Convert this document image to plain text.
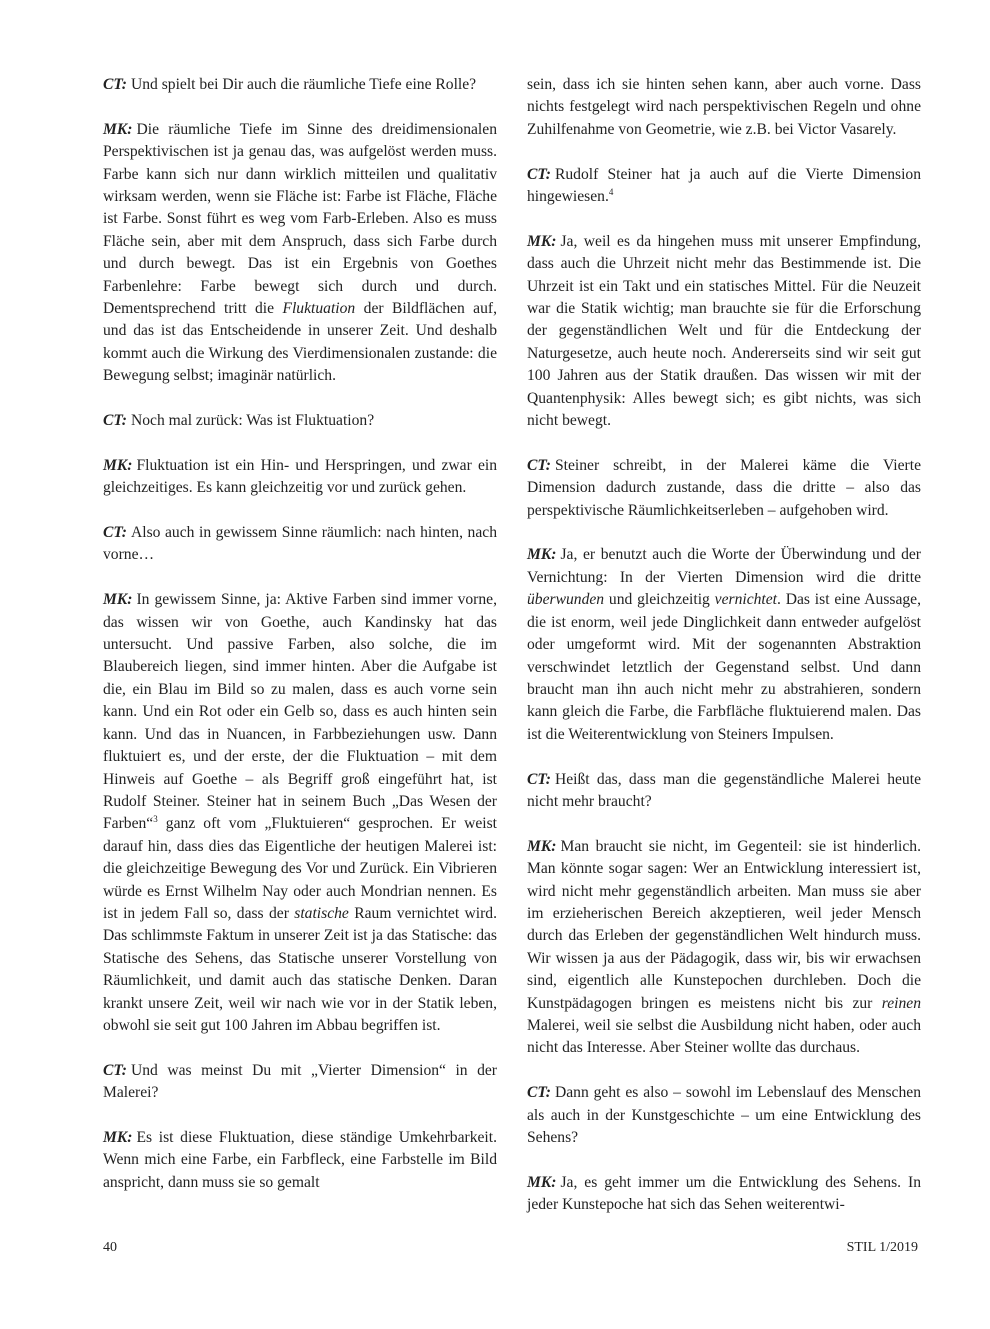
CT: Und spielt bei Dir auch die räumliche Tiefe eine Rolle?

MK: Die räumliche Tiefe im Sinne des dreidimensionalen Perspektivischen ist ja genau das, was aufgelöst werden muss. Farbe kann sich nur dann wirklich mitteilen und qualitativ wirksam werden, wenn sie Fläche ist: Farbe ist Fläche, Fläche ist Farbe. Sonst führt es weg vom Farb-Erleben. Also es muss Fläche sein, aber mit dem Anspruch, dass sich Farbe durch und durch bewegt. Das ist ein Ergebnis von Goethes Farbenlehre: Farbe bewegt sich durch und durch. Dementsprechend tritt die Fluktuation der Bildflächen auf, und das ist das Entscheidende in unserer Zeit. Und deshalb kommt auch die Wirkung des Vierdimensionalen zustande: die Bewegung selbst; imaginär natürlich.

CT: Noch mal zurück: Was ist Fluktuation?

MK: Fluktuation ist ein Hin- und Herspringen, und zwar ein gleichzeitiges. Es kann gleichzeitig vor und zurück gehen.

CT: Also auch in gewissem Sinne räumlich: nach hinten, nach vorne…

MK: In gewissem Sinne, ja: Aktive Farben sind immer vorne, das wissen wir von Goethe, auch Kandinsky hat das untersucht. Und passive Farben, also solche, die im Blaubereich liegen, sind immer hinten. Aber die Aufgabe ist die, ein Blau im Bild so zu malen, dass es auch vorne sein kann. Und ein Rot oder ein Gelb so, dass es auch hinten sein kann. Und das in Nuancen, in Farbbeziehungen usw. Dann fluktuiert es, und der erste, der die Fluktuation – mit dem Hinweis auf Goethe – als Begriff groß eingeführt hat, ist Rudolf Steiner. Steiner hat in seinem Buch „Das Wesen der Farben“$^3$ ganz oft vom „Fluktuieren“ gesprochen. Er weist darauf hin, dass dies das Eigentliche der heutigen Malerei ist: die gleichzeitige Bewegung des Vor und Zurück. Ein Vibrieren würde es Ernst Wilhelm Nay oder auch Mondrian nennen. Es ist in jedem Fall so, dass der statische Raum vernichtet wird. Das schlimmste Faktum in unserer Zeit ist ja das Statische: das Statische des Sehens, das Statische unserer Vorstellung von Räumlichkeit, und damit auch das statische Denken. Daran krankt unsere Zeit, weil wir nach wie vor in der Statik leben, obwohl sie seit gut 100 Jahren im Abbau begriffen ist.

CT: Und was meinst Du mit „Vierter Dimension“ in der Malerei?

MK: Es ist diese Fluktuation, diese ständige Umkehrbarkeit. Wenn mich eine Farbe, ein Farbfleck, eine Farbstelle im Bild anspricht, dann muss sie so gemalt

sein, dass ich sie hinten sehen kann, aber auch vorne. Dass nichts festgelegt wird nach perspektivischen Regeln und ohne Zuhilfenahme von Geometrie, wie z.B. bei Victor Vasarely.

CT: Rudolf Steiner hat ja auch auf die Vierte Dimension hingewiesen.$^4$

MK: Ja, weil es da hingehen muss mit unserer Empfindung, dass auch die Uhrzeit nicht mehr das Bestimmende ist. Die Uhrzeit ist ein Takt und ein statisches Mittel. Für die Neuzeit war die Statik wichtig; man brauchte sie für die Erforschung der gegenständlichen Welt und für die Entdeckung der Naturgesetze, auch heute noch. Andererseits sind wir seit gut 100 Jahren aus der Statik draußen. Das wissen wir mit der Quantenphysik: Alles bewegt sich; es gibt nichts, was sich nicht bewegt.

CT: Steiner schreibt, in der Malerei käme die Vierte Dimension dadurch zustande, dass die dritte – also das perspektivische Räumlichkeitserleben – aufgehoben wird.

MK: Ja, er benutzt auch die Worte der Überwindung und der Vernichtung: In der Vierten Dimension wird die dritte überwunden und gleichzeitig vernichtet. Das ist eine Aussage, die ist enorm, weil jede Dinglichkeit dann entweder aufgelöst oder umgeformt wird. Mit der sogenannten Abstraktion verschwindet letztlich der Gegenstand selbst. Und dann braucht man ihn auch nicht mehr zu abstrahieren, sondern kann gleich die Farbe, die Farbfläche fluktuierend malen. Das ist die Weiterentwicklung von Steiners Impulsen.

CT: Heißt das, dass man die gegenständliche Malerei heute nicht mehr braucht?

MK: Man braucht sie nicht, im Gegenteil: sie ist hinderlich. Man könnte sogar sagen: Wer an Entwicklung interessiert ist, wird nicht mehr gegenständlich arbeiten. Man muss sie aber im erzieherischen Bereich akzeptieren, weil jeder Mensch durch das Erleben der gegenständlichen Welt hindurch muss. Wir wissen ja aus der Pädagogik, dass wir, bis wir erwachsen sind, eigentlich alle Kunstepochen durchleben. Doch die Kunstpädagogen bringen es meistens nicht bis zur reinen Malerei, weil sie selbst die Ausbildung nicht haben, oder auch nicht das Interesse. Aber Steiner wollte das durchaus.

CT: Dann geht es also – sowohl im Lebenslauf des Menschen als auch in der Kunstgeschichte – um eine Entwicklung des Sehens?

MK: Ja, es geht immer um die Entwicklung des Sehens. In jeder Kunstepoche hat sich das Sehen weiterentwi-

40	STIL 1/2019
